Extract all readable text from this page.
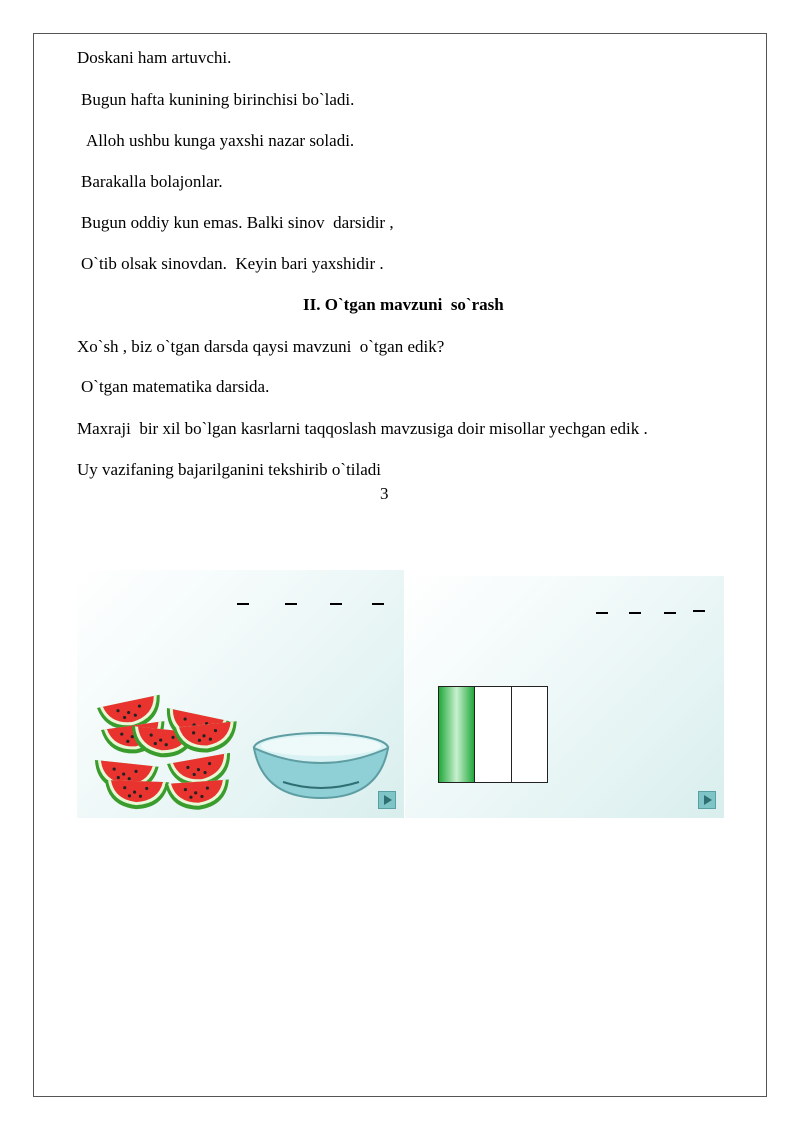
Doskani ham artuvchi.
Bugun hafta kunining birinchisi bo`ladi.
Alloh ushbu kunga yaxshi nazar soladi.
Barakalla bolajonlar.
Bugun oddiy kun emas. Balki sinov  darsidir ,
O`tib olsak sinovdan.  Keyin bari yaxshidir .
II. O`tgan mavzuni  so`rash
Xo`sh , biz o`tgan darsda qaysi mavzuni  o`tgan edik?
O`tgan matematika darsida.
Maxraji  bir xil bo`lgan kasrlarni taqqoslash mavzusiga doir misollar yechgan edik .
Uy vazifaning bajarilganini tekshirib o`tiladi
3
